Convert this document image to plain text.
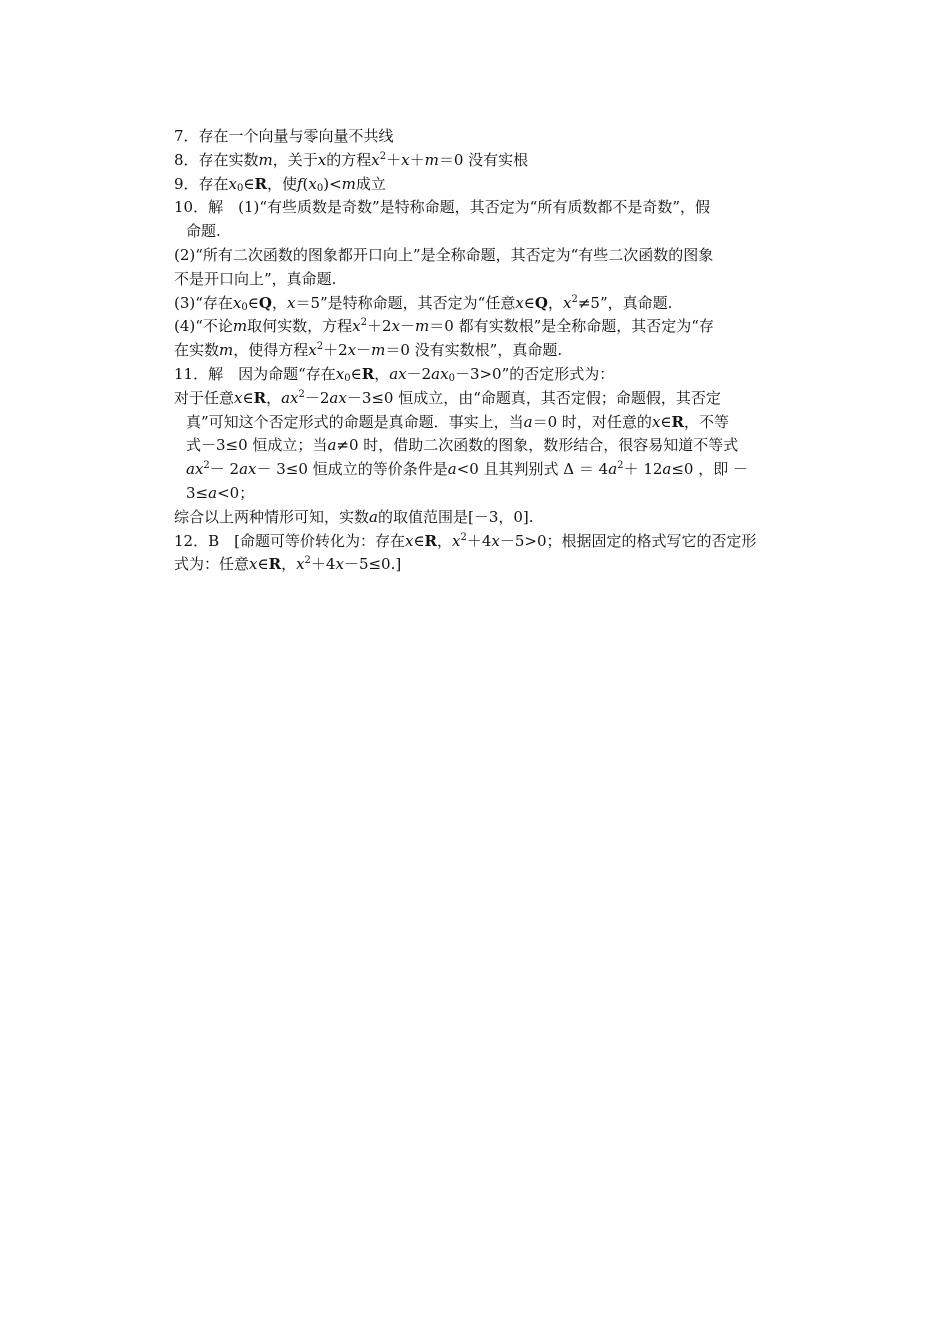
7．存在一个向量与零向量不共线
8．存在实数m，关于x的方程$x^2+x+m=0$ 没有实根
9．存在$x_0\in R$，使$f(x_0)<m$成立
10．解　(1)“有些质数是奇数”是特称命题，其否定为“所有质数都不是奇数”，假
命题.
(2)“所有二次函数的图象都开口向上”是全称命题，其否定为“有些二次函数的图象
不是开口向上”，真命题.
(3)“存在$x_0\in Q$，x＝5”是特称命题，其否定为“任意x∈Q，$x^2\ne 5$”，真命题.
(4)“不论m取何实数，方程$x^2+2x-m=0$ 都有实数根”是全称命题，其否定为“存
在实数m，使得方程$x^2+2x-m=0$ 没有实数根”，真命题.
11．解　因为命题“存在$x_0\in R$，$ax-2ax_0-3>0$”的否定形式为：
对于任意x∈R，$ax^2-2ax-3\le 0$ 恒成立，由“命题真，其否定假；命题假，其否定
真”可知这个否定形式的命题是真命题．事实上，当a＝0 时，对任意的x∈R，不等
式－3≤0 恒成立；当a≠0 时，借助二次函数的图象，数形结合，很容易知道不等式
$ax^2- 2ax- 3\le 0$ 恒成立的等价条件是a<0 且其判别式 $\Delta = 4a^2+ 12a\le 0$ ，即 －
3≤a<0；
综合以上两种情形可知，实数a的取值范围是[－3，0].
12．B　[命题可等价转化为：存在x∈R，$x^2+4x-5>0$；根据固定的格式写它的否定形
式为：任意x∈R，$x^2+4x-5\le 0$.]
